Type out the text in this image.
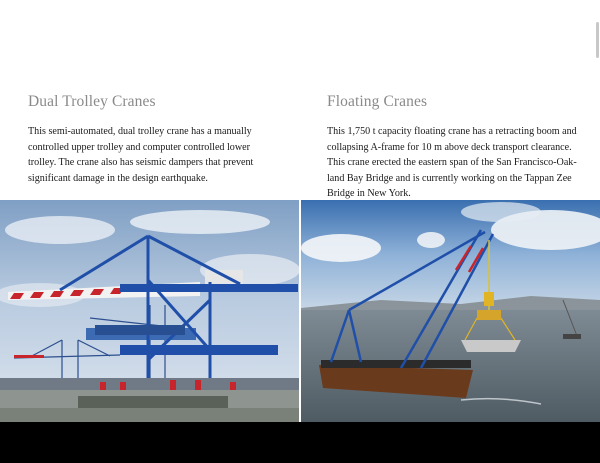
Dual Trolley Cranes
This semi-automated, dual trolley crane has a manually
controlled upper trolley and computer controlled lower
trolley. The crane also has seismic dampers that prevent
significant damage in the design earthquake.
Floating Cranes
This 1,750 t capacity floating crane has a retracting boom and
collapsing A-frame for 10 m above deck transport clearance.
This crane erected the eastern span of the San Francisco-Oak-
land Bay Bridge and is currently working on the Tappan Zee
Bridge in New York.
